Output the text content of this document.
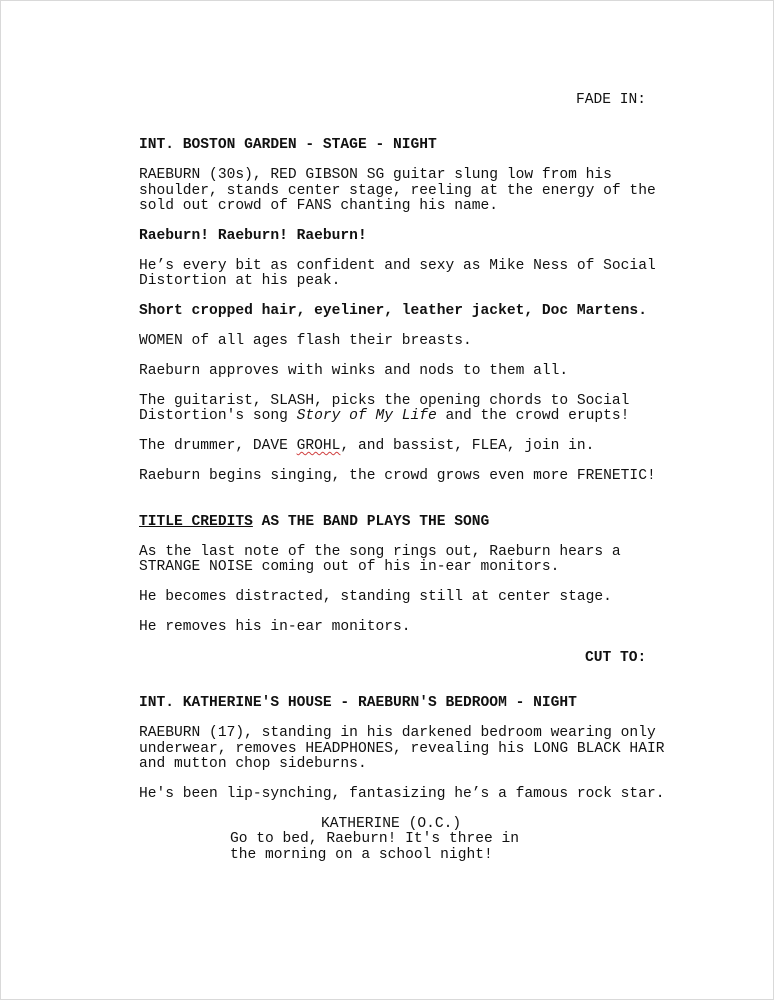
FADE IN:
INT. BOSTON GARDEN - STAGE - NIGHT
RAEBURN (30s), RED GIBSON SG guitar slung low from his
shoulder, stands center stage, reeling at the energy of the
sold out crowd of FANS chanting his name.
Raeburn! Raeburn! Raeburn!
He’s every bit as confident and sexy as Mike Ness of Social
Distortion at his peak.
Short cropped hair, eyeliner, leather jacket, Doc Martens.
WOMEN of all ages flash their breasts.
Raeburn approves with winks and nods to them all.
The guitarist, SLASH, picks the opening chords to Social
Distortion's song Story of My Life and the crowd erupts!
The drummer, DAVE GROHL, and bassist, FLEA, join in.
Raeburn begins singing, the crowd grows even more FRENETIC!
TITLE CREDITS AS THE BAND PLAYS THE SONG
As the last note of the song rings out, Raeburn hears a
STRANGE NOISE coming out of his in-ear monitors.
He becomes distracted, standing still at center stage.
He removes his in-ear monitors.
CUT TO:
INT. KATHERINE'S HOUSE - RAEBURN'S BEDROOM - NIGHT
RAEBURN (17), standing in his darkened bedroom wearing only
underwear, removes HEADPHONES, revealing his LONG BLACK HAIR
and mutton chop sideburns.
He's been lip-synching, fantasizing he’s a famous rock star.
KATHERINE (O.C.)
Go to bed, Raeburn! It's three in
the morning on a school night!
